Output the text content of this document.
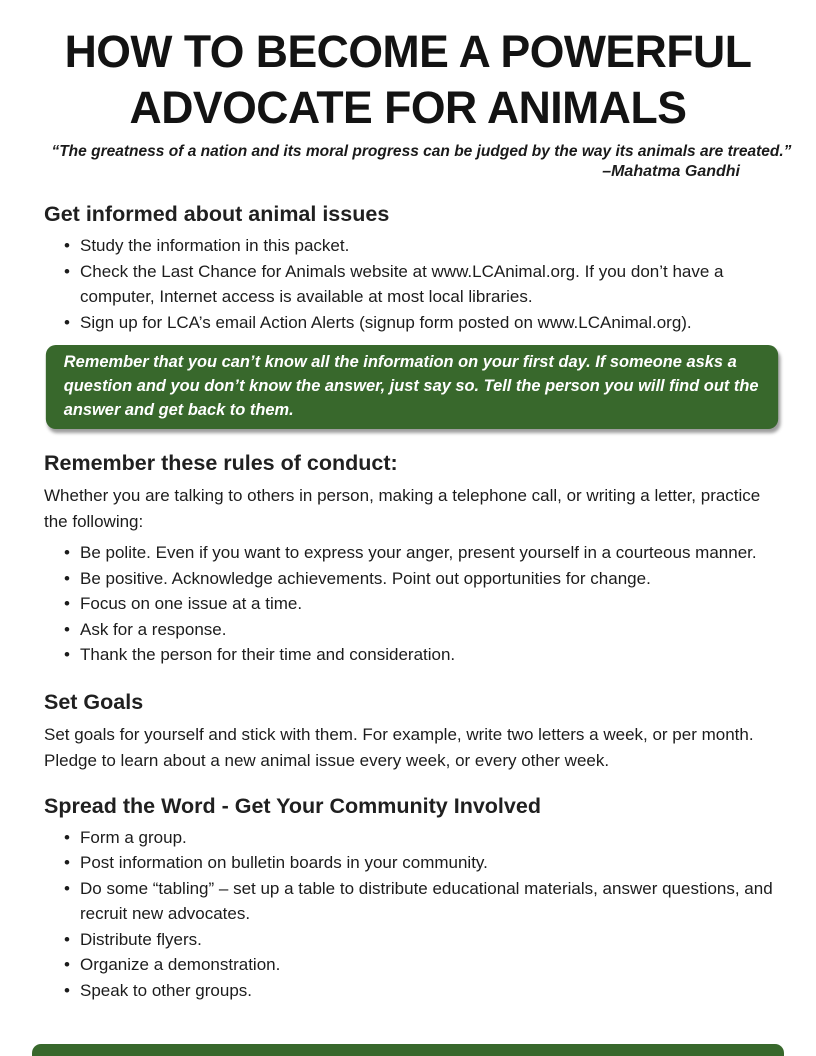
HOW TO BECOME A POWERFUL
ADVOCATE FOR ANIMALS
“The greatness of a nation and its moral progress can be judged by the way its animals are treated.”
–Mahatma Gandhi
Get informed about animal issues
• Study the information in this packet.
• Check the Last Chance for Animals website at www.LCAnimal.org. If you don’t have a computer, Internet access is available at most local libraries.
• Sign up for LCA’s email Action Alerts (signup form posted on www.LCAnimal.org).
Remember that you can’t know all the information on your first day. If someone asks a question and you don’t know the answer, just say so. Tell the person you will find out the answer and get back to them.
Remember these rules of conduct:
Whether you are talking to others in person, making a telephone call, or writing a letter, practice the following:
• Be polite. Even if you want to express your anger, present yourself in a courteous manner.
• Be positive. Acknowledge achievements. Point out opportunities for change.
• Focus on one issue at a time.
• Ask for a response.
• Thank the person for their time and consideration.
Set Goals
Set goals for yourself and stick with them. For example, write two letters a week, or per month. Pledge to learn about a new animal issue every week, or every other week.
Spread the Word - Get Your Community Involved
• Form a group.
• Post information on bulletin boards in your community.
• Do some “tabling” – set up a table to distribute educational materials, answer questions, and recruit new advocates.
• Distribute flyers.
• Organize a demonstration.
• Speak to other groups.
